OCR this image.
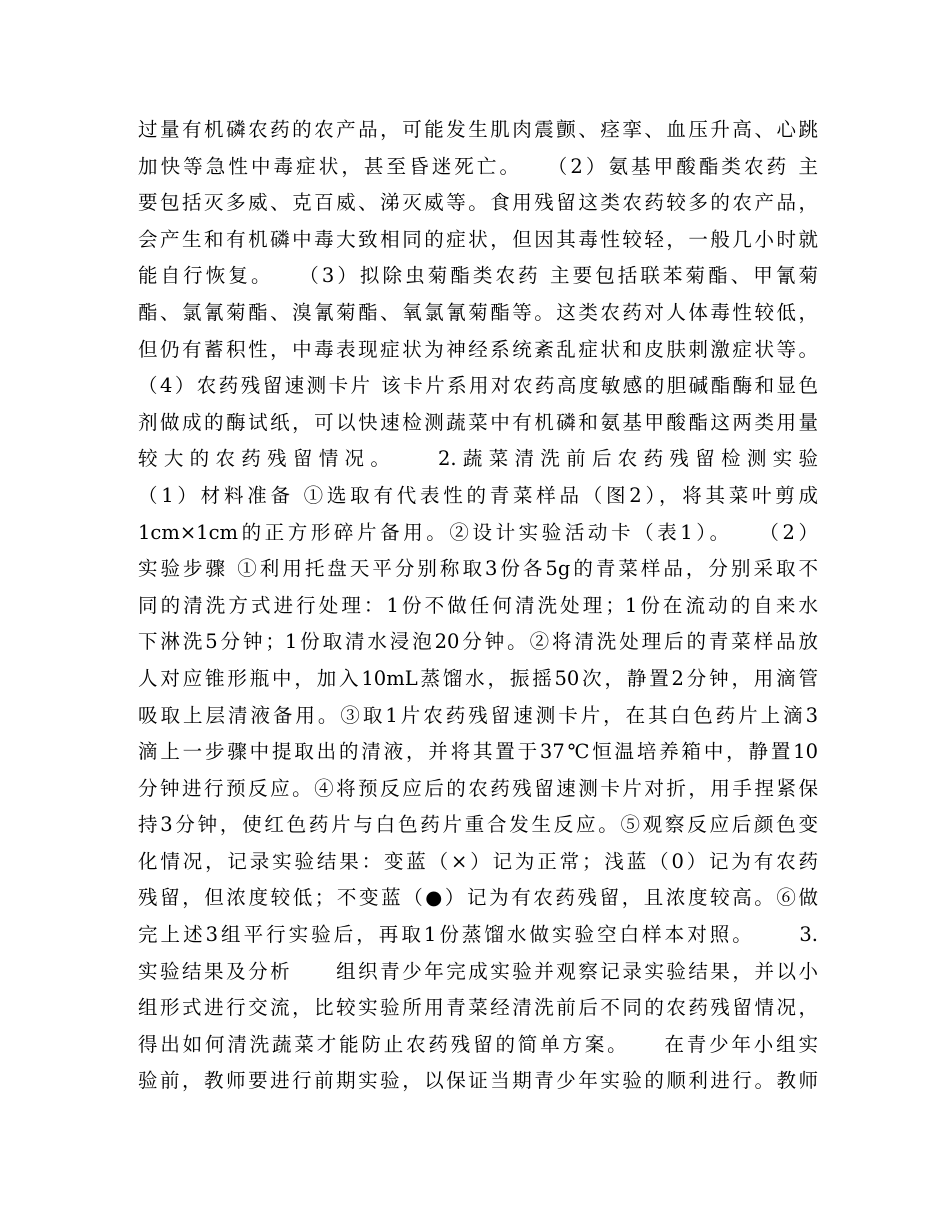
过量有机磷农药的农产品，可能发生肌肉震颤、痉挛、血压升高、心跳
加快等急性中毒症状，甚至昏迷死亡。　　（2）氨基甲酸酯类农药 主
要包括灭多威、克百威、涕灭威等。食用残留这类农药较多的农产品，
会产生和有机磷中毒大致相同的症状，但因其毒性较轻，一般几小时就
能自行恢复。　　（3）拟除虫菊酯类农药 主要包括联苯菊酯、甲氰菊
酯、氯氰菊酯、溴氰菊酯、氧氯氰菊酯等。这类农药对人体毒性较低，
但仍有蓄积性，中毒表现症状为神经系统紊乱症状和皮肤刺激症状等。
（4）农药残留速测卡片 该卡片系用对农药高度敏感的胆碱酯酶和显色
剂做成的酶试纸，可以快速检测蔬菜中有机磷和氨基甲酸酯这两类用量
较大的农药残留情况。　　2.蔬菜清洗前后农药残留检测实验
（1）材料准备 ①选取有代表性的青菜样品（图2），将其菜叶剪成
1cm×1cm的正方形碎片备用。②设计实验活动卡（表1）。　　（2）
实验步骤 ①利用托盘天平分别称取3份各5g的青菜样品，分别采取不
同的清洗方式进行处理：1份不做任何清洗处理；1份在流动的自来水
下淋洗5分钟；1份取清水浸泡20分钟。②将清洗处理后的青菜样品放
人对应锥形瓶中，加入10mL蒸馏水，振摇50次，静置2分钟，用滴管
吸取上层清液备用。③取1片农药残留速测卡片，在其白色药片上滴3
滴上一步骤中提取出的清液，并将其置于37℃恒温培养箱中，静置10
分钟进行预反应。④将预反应后的农药残留速测卡片对折，用手捏紧保
持3分钟，使红色药片与白色药片重合发生反应。⑤观察反应后颜色变
化情况，记录实验结果：变蓝（×）记为正常；浅蓝（0）记为有农药
残留，但浓度较低；不变蓝（●）记为有农药残留，且浓度较高。⑥做
完上述3组平行实验后，再取1份蒸馏水做实验空白样本对照。　　 3.
实验结果及分析　　组织青少年完成实验并观察记录实验结果，并以小
组形式进行交流，比较实验所用青菜经清洗前后不同的农药残留情况，
得出如何清洗蔬菜才能防止农药残留的简单方案。　　在青少年小组实
验前，教师要进行前期实验，以保证当期青少年实验的顺利进行。教师
